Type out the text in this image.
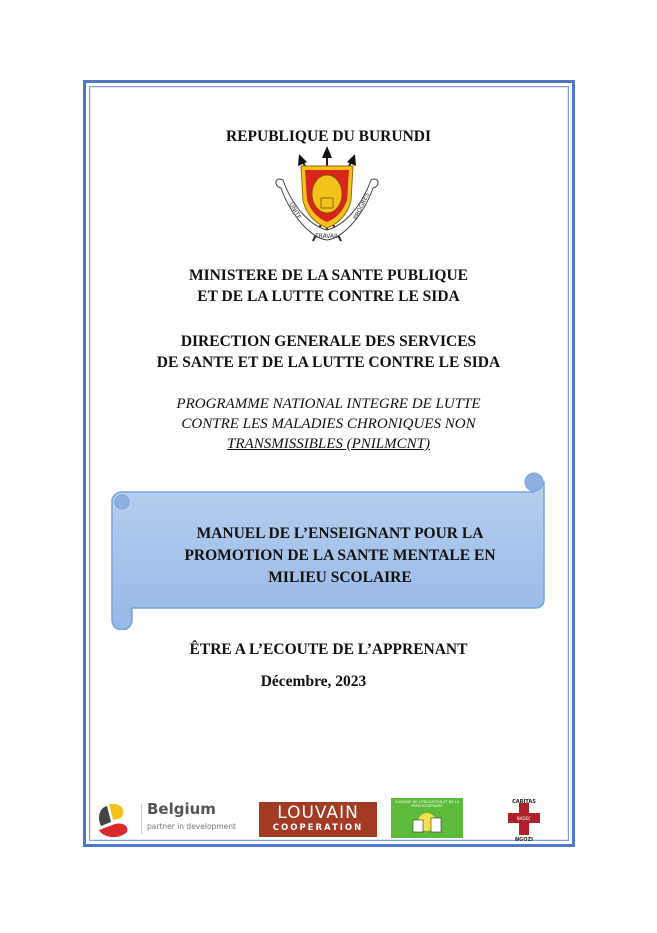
REPUBLIQUE DU BURUNDI
UNITE
TRAVAIL
PROGRES
MINISTERE DE LA SANTE PUBLIQUE
ET DE LA LUTTE CONTRE LE SIDA
DIRECTION GENERALE DES SERVICES
DE SANTE ET DE LA LUTTE CONTRE LE SIDA
PROGRAMME NATIONAL INTEGRE DE LUTTE
CONTRE LES MALADIES CHRONIQUES NON
TRANSMISSIBLES (PNILMCNT)
MANUEL DE L’ENSEIGNANT POUR LA
PROMOTION DE LA SANTE MENTALE EN
MILIEU SCOLAIRE
ÊTRE A L’ECOUTE DE L’APPRENANT
Décembre, 2023
Belgium
partner in development
LOUVAIN
COOPERATION
CLINIQUE DE L'EDUCATION ET DE LA PSYCHOTHERAPIE
CARITAS
BADEC
NGOZI
